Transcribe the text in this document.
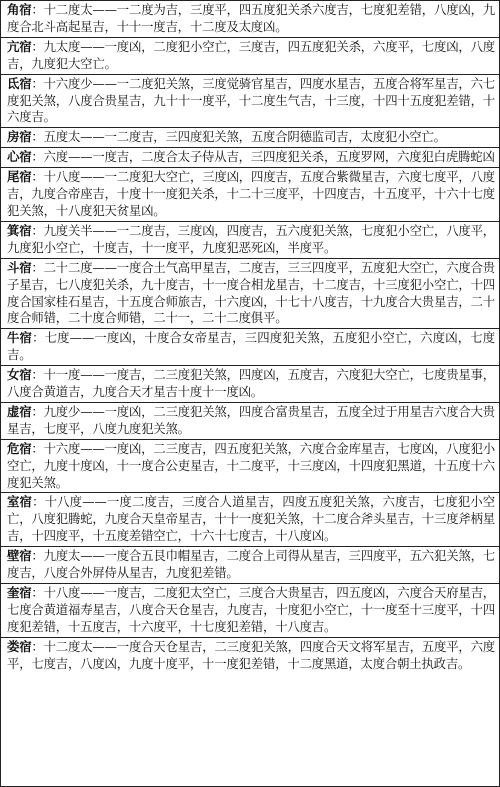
角宿：十二度太——一二度为吉，三度平，四五度犯关杀六度吉，七度犯差错，八度凶，九度合北斗高起星吉，十十一度吉，十二度及太度凶。
亢宿：九太度——一度凶，二度犯小空亡，三度吉，四五度犯关杀，六度平，七度凶，八度吉，九度犯大空亡。
氐宿：十六度少——一二度犯关煞，三度觉骑官星吉，四度水星吉，五度合将军星吉，六七度犯关煞，八度合贵星吉，九十十一度平，十二度生气吉，十三度，十四十五度犯差错，十六度吉。
房宿：五度太——一二度吉，三四度犯关煞，五度合阴德监司吉，太度犯小空亡。
心宿：六度——一度吉，二度合太子侍从吉，三四度犯关杀，五度罗网，六度犯白虎腾蛇凶
尾宿：十八度——一二度犯大空亡，三度凶，四度吉，五度合紫微星吉，六度七度平，八度吉，九度合帝座吉，十度十一度犯关杀，十二十三度平，十四度吉，十五度平，十六十七度犯关煞，十八度犯天贫星凶。
箕宿：九度关半——一二度吉，三度凶，四度吉，五六度犯关煞，七度犯小空亡，八度平，九度犯小空亡，十度吉，十一度平，九度犯恶死凶，半度平。
斗宿：二十二度——一度合土气高甲星吉，二度吉，三三四度平，五度犯大空亡，六度合贵子星吉，七八度犯关杀，九十度吉，十一度合相龙星吉，十二度吉，十三度犯小空亡，十四度合国家桂石星吉，十五度合师旅吉，十六度凶，十七十八度吉，十九度合大贵星吉，二十度合师错，二十度合师错，二十一，二十二度俱平。
牛宿：七度——一度凶，十度合女帝星吉，三四度犯关煞，五度犯小空亡，六度凶，七度吉。
女宿：十一度——一度吉，二三度犯关煞，四度凶，五度吉，六度犯大空亡，七度贵星事，八度合黄道吉，九度合天才星吉十度十一度凶。
虚宿：九度少——一度凶，二三度犯关煞，四度合富贵星吉，五度全过于用星吉六度合大贵星吉，七度平，八度九度犯关煞。
危宿：十六度——一度凶，二三度吉，四五度犯关煞，六度合金库星吉，七度凶，八度犯小空亡，九度十度凶，十一度合公吏星吉，十二度平，十三度凶，十四度犯黑道，十五度十六度犯关煞。
室宿：十八度——一度二度吉，三度合人道星吉，四度五度犯关煞，六度吉，七度犯小空亡，八度犯腾蛇，九度合天皇帝星吉，十十一度犯关煞，十二度合斧头星吉，十三度斧柄星吉，十四度平，十五度差错空亡，十六十七度吉，十八度凶。
壁宿：九度太——一度合五艮巾帽星吉，二度合上司得从星吉，三四度平，五六犯关煞，七度吉，八度合外屏侍从星吉，九度犯差错。
奎宿：十八度——一度吉，二度犯太空亡，三度合大贵星吉，四五度凶，六度合天府星吉，七度合黄道福寿星吉，八度合天仓星吉，九度吉，十度犯小空亡，十一度至十三度平，十四度犯差错，十五度吉，十六度平，十七度犯差错，十八度吉。
娄宿：十二度太——一度合天仓星吉，二三度犯关煞，四度合天文将军星吉，五度平，六度平，七度吉，八度凶，九度十度平，十一度犯差错，十二度黑道，太度合朝土执政吉。
